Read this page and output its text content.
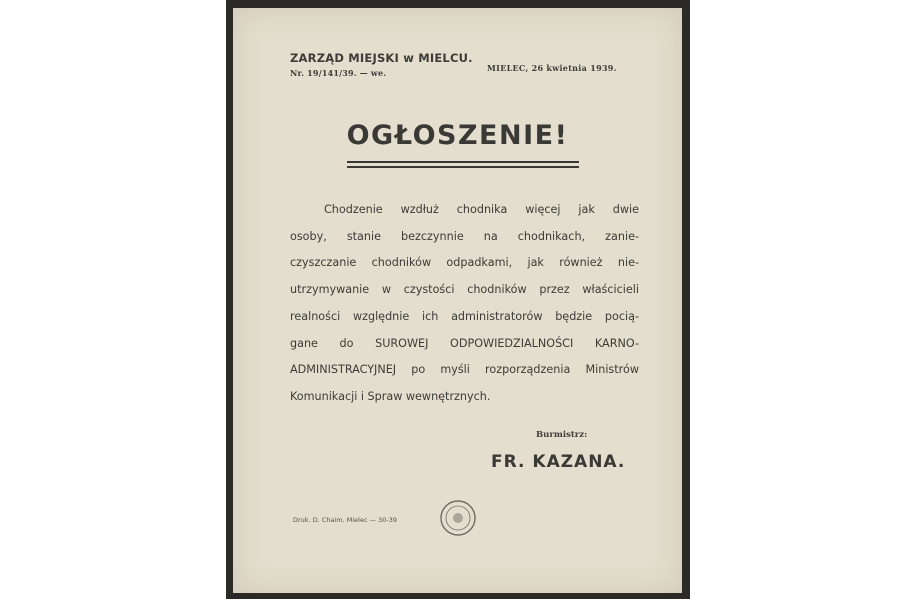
ZARZĄD MIEJSKI w MIELCU.
Nr. 19/141/39. — we.	MIELEC, 26 kwietnia 1939.
OGŁOSZENIE!
Chodzenie wzdłuż chodnika więcej jak dwie
osoby, stanie bezczynnie na chodnikach, zanie-
czyszczanie chodników odpadkami, jak również nie-
utrzymywanie w czystości chodników przez właścicieli
realności względnie ich administratorów będzie pocią-
gane do SUROWEJ ODPOWIEDZIALNOŚCI KARNO-
ADMINISTRACYJNEJ po myśli rozporządzenia Ministrów
Komunikacji i Spraw wewnętrznych.
Burmistrz:
FR. KAZANA.
Druk. D. Chaim. Mielec — 30-39
